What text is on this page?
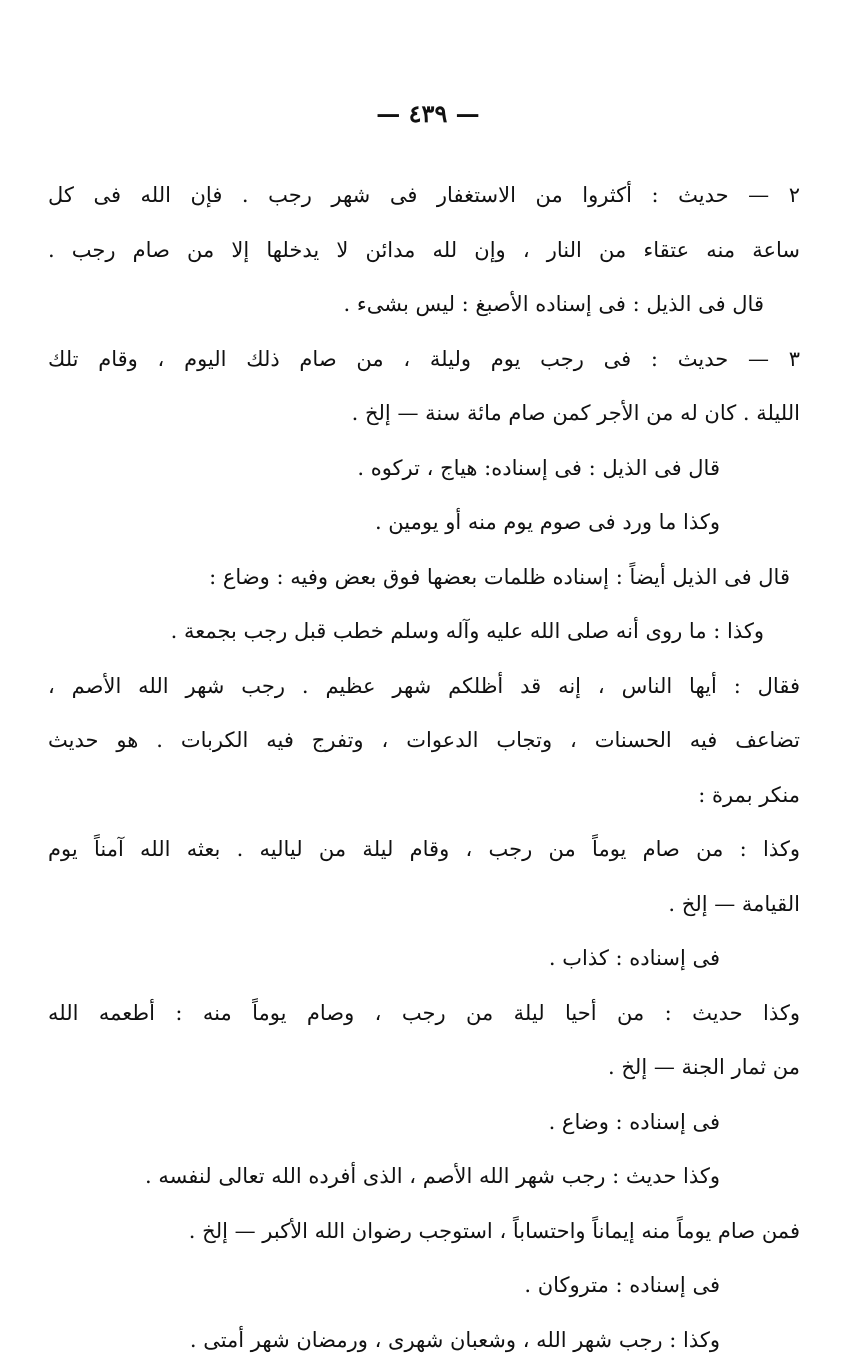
— ٤٣٩ —
٢ — حديث : أكثروا من الاستغفار فى شهر رجب . فإن الله فى كل
ساعة منه عتقاء من النار ، وإن لله مدائن لا يدخلها إلا من صام رجب .
قال فى الذيل : فى إسناده الأصبغ : ليس بشىء .
٣ — حديث : فى رجب يوم وليلة ، من صام ذلك اليوم ، وقام تلك
الليلة . كان له من الأجر كمن صام مائة سنة — إلخ .
قال فى الذيل : فى إسناده: هياج ، تركوه .
وكذا ما ورد فى صوم يوم منه أو يومين .
قال فى الذيل أيضاً : إسناده ظلمات بعضها فوق بعض وفيه : وضاع :
وكذا : ما روى أنه صلى الله عليه وآله وسلم خطب قبل رجب بجمعة .
فقال : أيها الناس ، إنه قد أظلكم شهر عظيم . رجب شهر الله الأصم ،
تضاعف فيه الحسنات ، وتجاب الدعوات ، وتفرج فيه الكربات . هو حديث
منكر بمرة :
وكذا : من صام يوماً من رجب ، وقام ليلة من لياليه . بعثه الله آمناً يوم
القيامة — إلخ .
فى إسناده : كذاب .
وكذا حديث : من أحيا ليلة من رجب ، وصام يوماً منه : أطعمه الله
من ثمار الجنة — إلخ .
فى إسناده : وضاع .
وكذا حديث : رجب شهر الله الأصم ، الذى أفرده الله تعالى لنفسه .
فمن صام يوماً منه إيماناً واحتساباً ، استوجب رضوان الله الأكبر — إلخ .
فى إسناده : متروكان .
وكذا : رجب شهر الله ، وشعبان شهرى ، ورمضان شهر أمتى .
